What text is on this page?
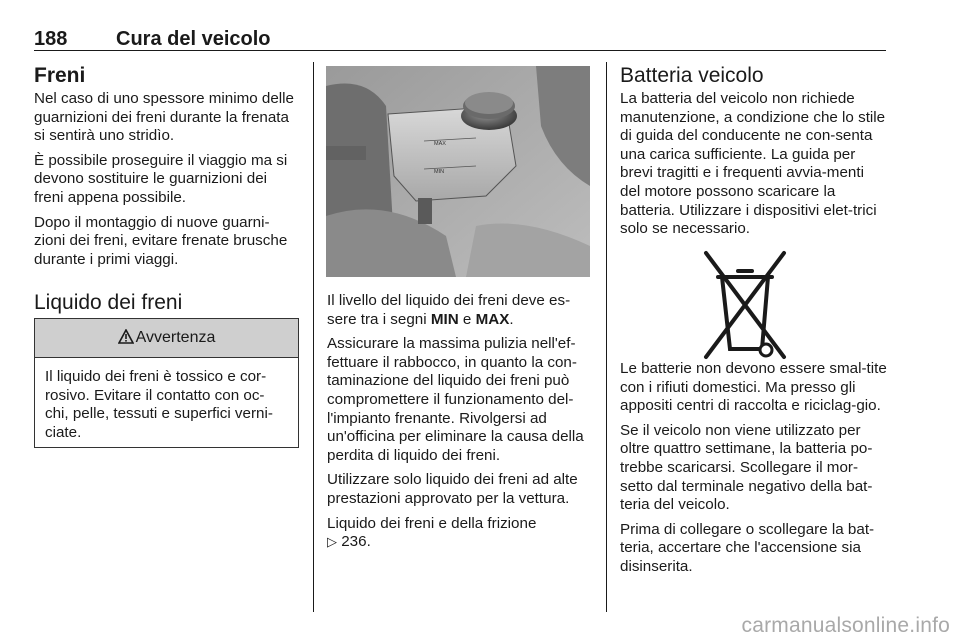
188 Cura del veicolo
Freni

Nel caso di uno spessore minimo delle guarnizioni dei freni durante la frenata si sentirà uno stridìo.

È possibile proseguire il viaggio ma si devono sostituire le guarnizioni dei freni appena possibile.

Dopo il montaggio di nuove guarni-zioni dei freni, evitare frenate brusche durante i primi viaggi.

Liquido dei freni
Avvertenza
Il liquido dei freni è tossico e cor-rosivo. Evitare il contatto con oc-chi, pelle, tessuti e superfici verni-ciate.
MAX
MIN

Il livello del liquido dei freni deve es-sere tra i segni MIN e MAX.

Assicurare la massima pulizia nell'ef-fettuare il rabbocco, in quanto la con-taminazione del liquido dei freni può compromettere il funzionamento del-l'impianto frenante. Rivolgersi ad un'officina per eliminare la causa della perdita di liquido dei freni.

Utilizzare solo liquido dei freni ad alte prestazioni approvato per la vettura.

Liquido dei freni e della frizione
▷ 236.

Batteria veicolo

La batteria del veicolo non richiede manutenzione, a condizione che lo stile di guida del conducente ne con-senta una carica sufficiente. La guida per brevi tragitti e i frequenti avvia-menti del motore possono scaricare la batteria. Utilizzare i dispositivi elet-trici solo se necessario.

Le batterie non devono essere smal-tite con i rifiuti domestici. Ma presso gli appositi centri di raccolta e riciclag-gio.

Se il veicolo non viene utilizzato per oltre quattro settimane, la batteria po-trebbe scaricarsi. Scollegare il mor-setto dal terminale negativo della bat-teria del veicolo.

Prima di collegare o scollegare la bat-teria, accertare che l'accensione sia disinserita.

carmanualsonline.info
